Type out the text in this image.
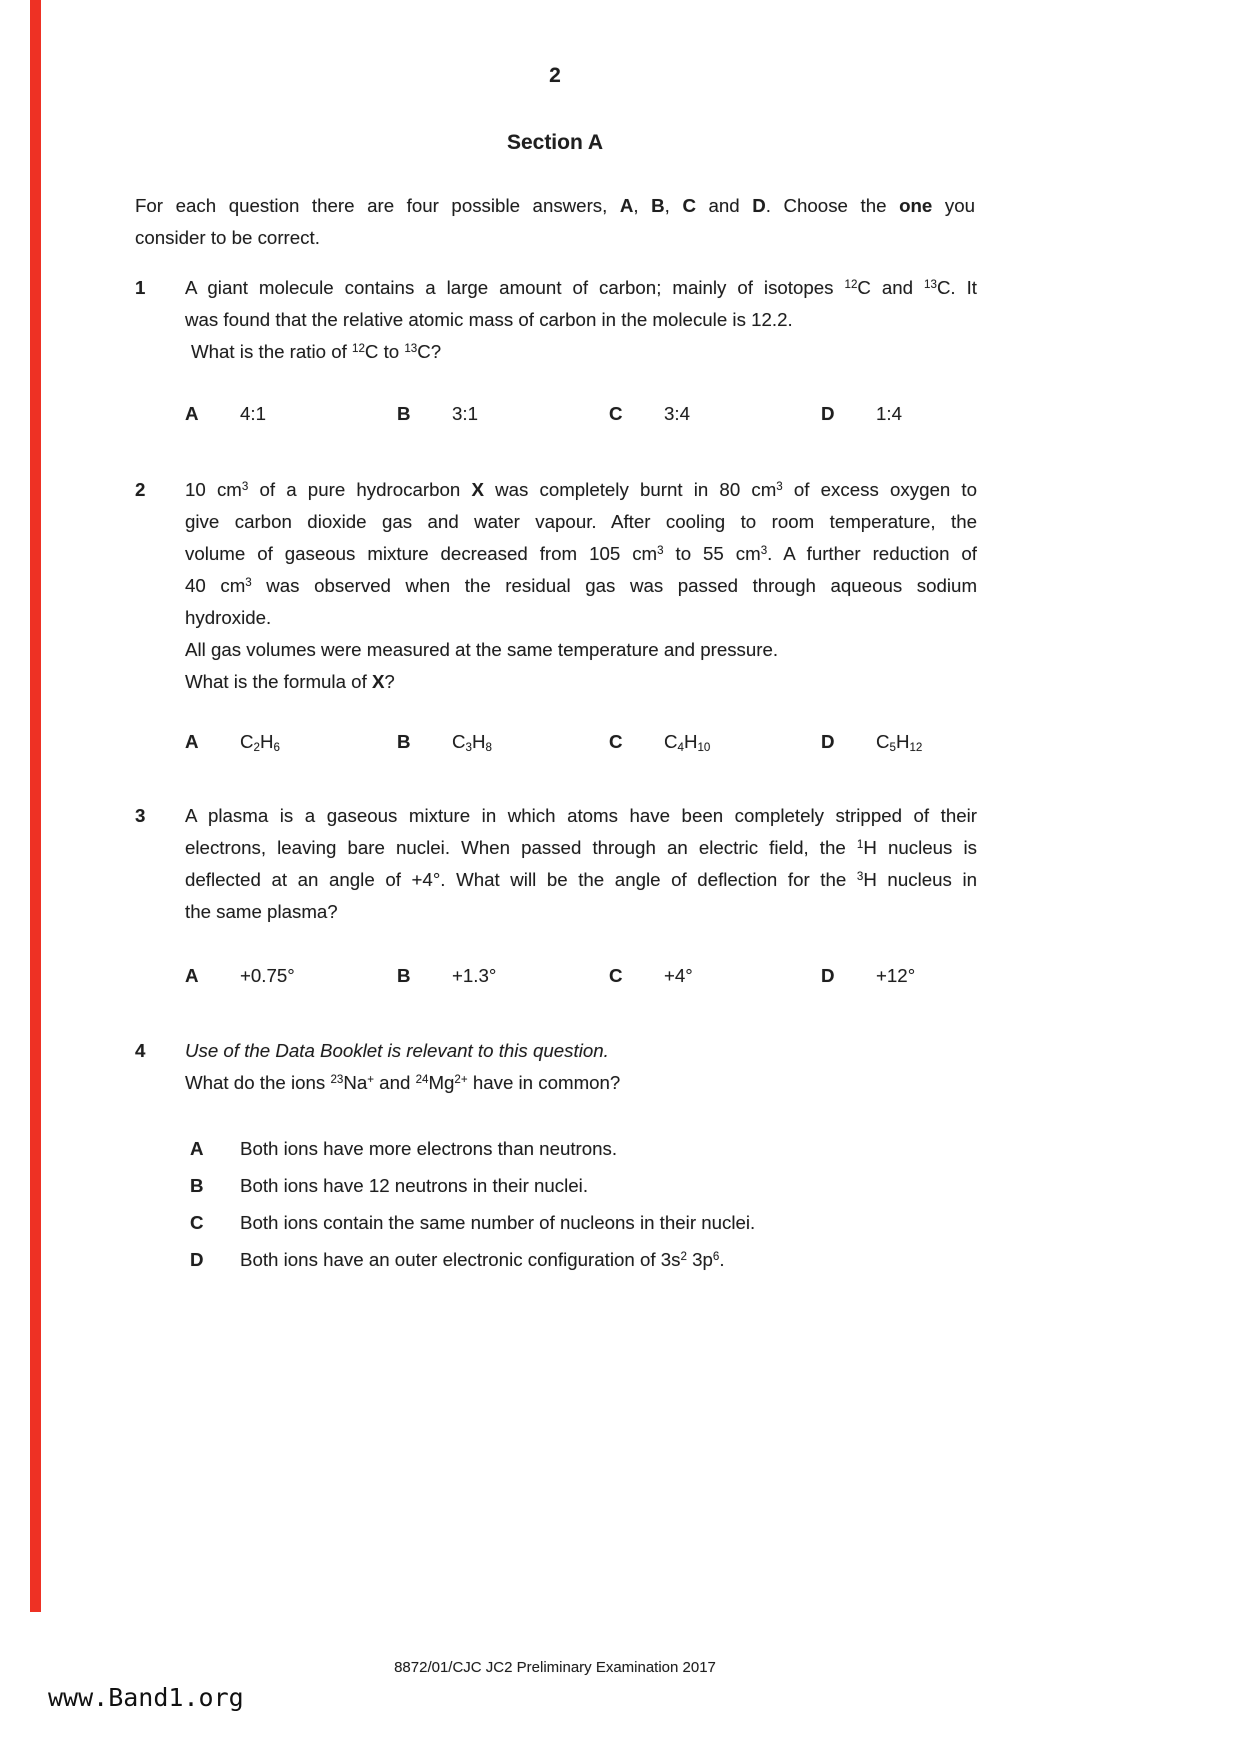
2
Section A
For each question there are four possible answers, A, B, C and D. Choose the one you
consider to be correct.
1 A giant molecule contains a large amount of carbon; mainly of isotopes $^{12}$C and $^{13}$C. It
was found that the relative atomic mass of carbon in the molecule is 12.2.
What is the ratio of $^{12}$C to $^{13}$C?
A 4:1	B 3:1	C 3:4	D 1:4
2 10 $cm^3$ of a pure hydrocarbon X was completely burnt in 80 $cm^3$ of excess oxygen to
give carbon dioxide gas and water vapour. After cooling to room temperature, the
volume of gaseous mixture decreased from 105 $cm^3$ to 55 $cm^3$. A further reduction of
40 $cm^3$ was observed when the residual gas was passed through aqueous sodium
hydroxide.
All gas volumes were measured at the same temperature and pressure.
What is the formula of X?
A $C_2H_6$	B $C_3H_8$	C $C_4H_{10}$	D $C_5H_{12}$
3 A plasma is a gaseous mixture in which atoms have been completely stripped of their
electrons, leaving bare nuclei. When passed through an electric field, the $^1$H nucleus is
deflected at an angle of +4°. What will be the angle of deflection for the $^3$H nucleus in
the same plasma?
A +0.75°	B +1.3°	C +4°	D +12°
4 Use of the Data Booklet is relevant to this question.
What do the ions $^{23}$Na+ and $^{24}Mg^{2+}$ have in common?
A Both ions have more electrons than neutrons.
B Both ions have 12 neutrons in their nuclei.
C Both ions contain the same number of nucleons in their nuclei.
D Both ions have an outer electronic configuration of $3s^2$ $3p^6$.
8872/01/CJC JC2 Preliminary Examination 2017
www.Band1.org
